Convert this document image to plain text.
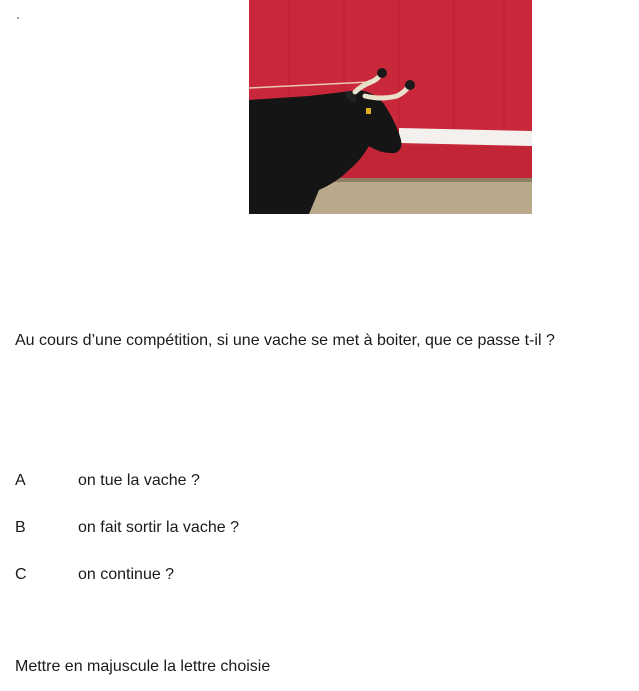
Au cours d’une compétition, si une vache se met à boiter, que ce passe t-il ?
A	on tue la vache ?
B	on fait sortir la vache ?
C	on continue ?
Mettre en majuscule la lettre choisie
